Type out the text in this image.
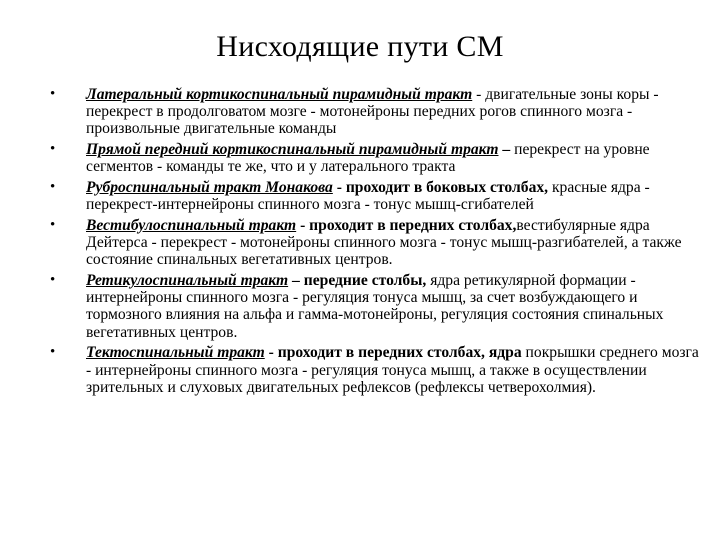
Нисходящие пути СМ
• Латеральный кортикоспинальный пирамидный тракт - двигательные зоны коры - перекрест в продолговатом мозге - мотонейроны передних рогов спинного мозга - произвольные двигательные команды
• Прямой передний кортикоспинальный пирамидный тракт – перекрест на уровне сегментов - команды те же, что и у латерального тракта
• Руброспинальный тракт Монакова - проходит в боковых столбах, красные ядра - перекрест-интернейроны спинного мозга - тонус мышц-сгибателей
• Вестибулоспинальный тракт - проходит в передних столбах,вестибулярные ядра Дейтерса - перекрест - мотонейроны спинного мозга - тонус мышц-разгибателей, а также состояние спинальных вегетативных центров.
• Ретикулоспинальный тракт – передние столбы, ядра ретикулярной формации - интернейроны спинного мозга - регуляция тонуса мышц, за счет возбуждающего и тормозного влияния на альфа и гамма-мотонейроны, регуляция состояния спинальных вегетативных центров.
• Тектоспинальный тракт - проходит в передних столбах, ядра покрышки среднего мозга - интернейроны спинного мозга - регуляция тонуса мышц, а также в осуществлении зрительных и слуховых двигательных рефлексов (рефлексы четверохолмия).
